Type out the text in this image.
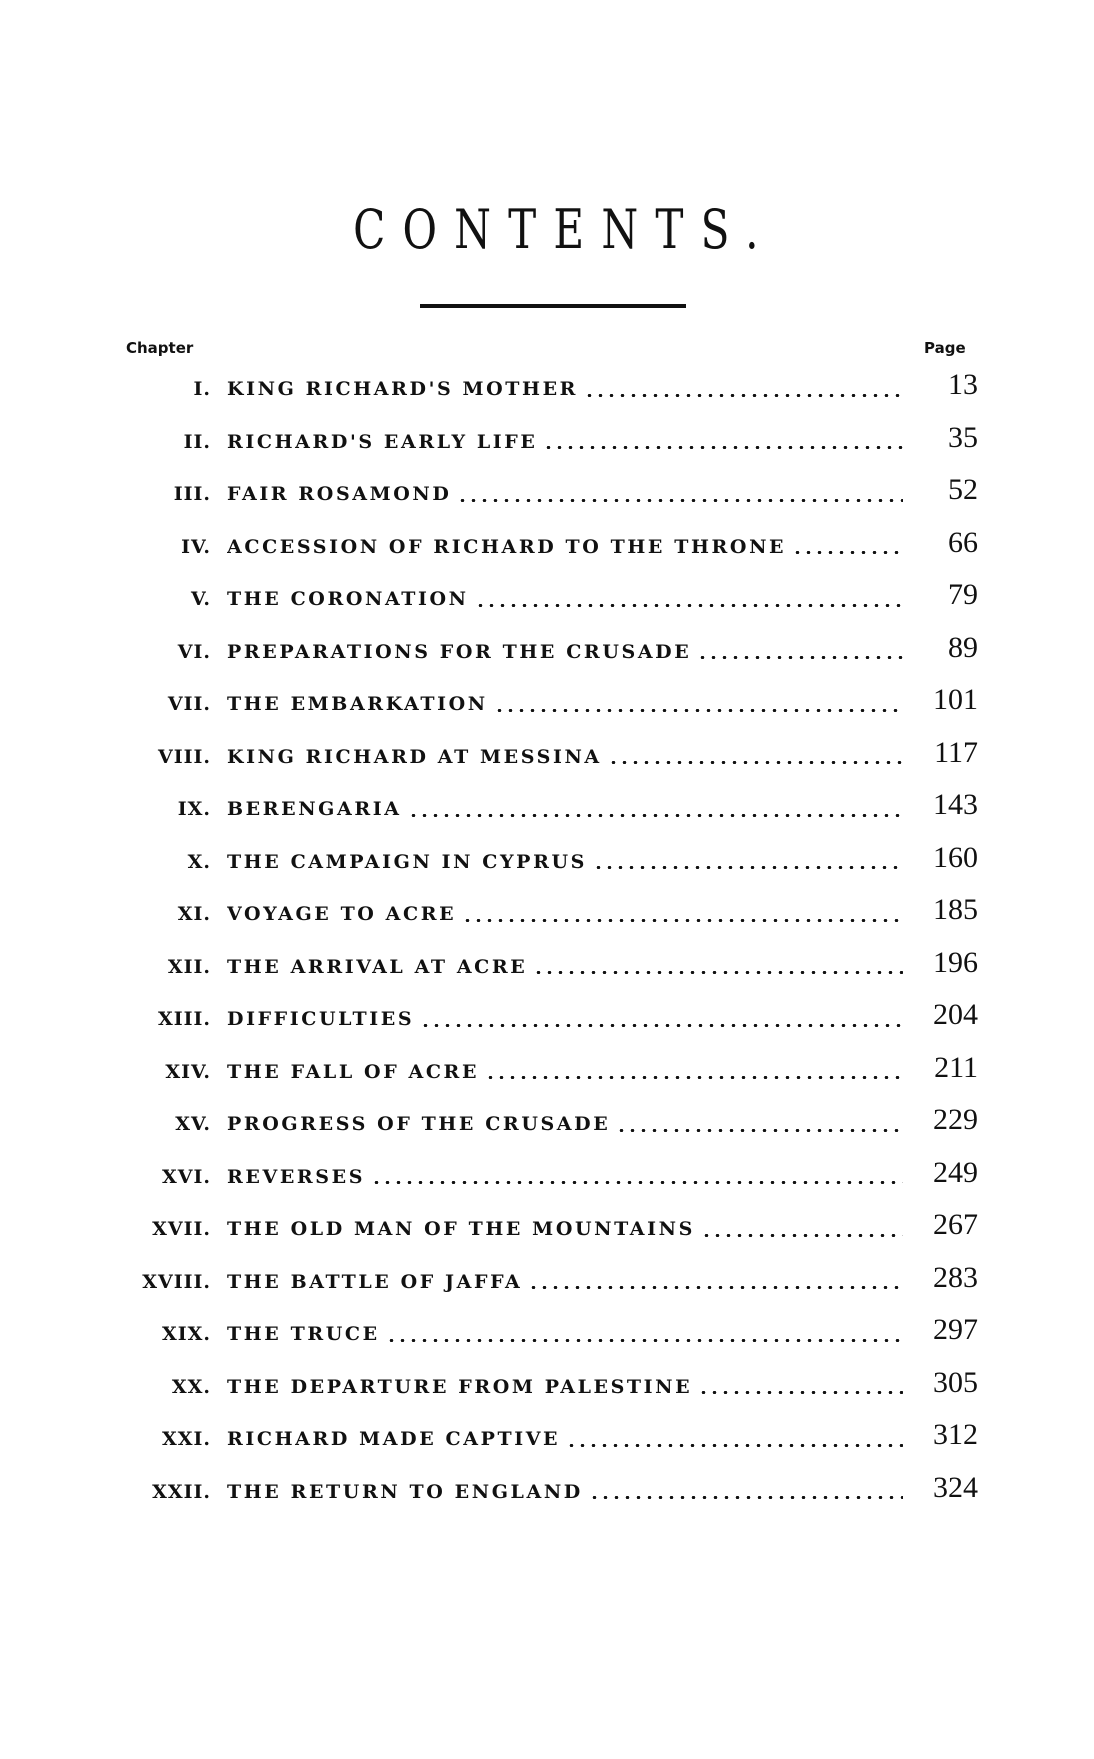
CONTENTS.
Chapter	Page
I. KING RICHARD'S MOTHER	13
II. RICHARD'S EARLY LIFE	35
III. FAIR ROSAMOND	52
IV. ACCESSION OF RICHARD TO THE THRONE	66
V. THE CORONATION	79
VI. PREPARATIONS FOR THE CRUSADE	89
VII. THE EMBARKATION	101
VIII. KING RICHARD AT MESSINA	117
IX. BERENGARIA	143
X. THE CAMPAIGN IN CYPRUS	160
XI. VOYAGE TO ACRE	185
XII. THE ARRIVAL AT ACRE	196
XIII. DIFFICULTIES	204
XIV. THE FALL OF ACRE	211
XV. PROGRESS OF THE CRUSADE	229
XVI. REVERSES	249
XVII. THE OLD MAN OF THE MOUNTAINS	267
XVIII. THE BATTLE OF JAFFA	283
XIX. THE TRUCE	297
XX. THE DEPARTURE FROM PALESTINE	305
XXI. RICHARD MADE CAPTIVE	312
XXII. THE RETURN TO ENGLAND	324
